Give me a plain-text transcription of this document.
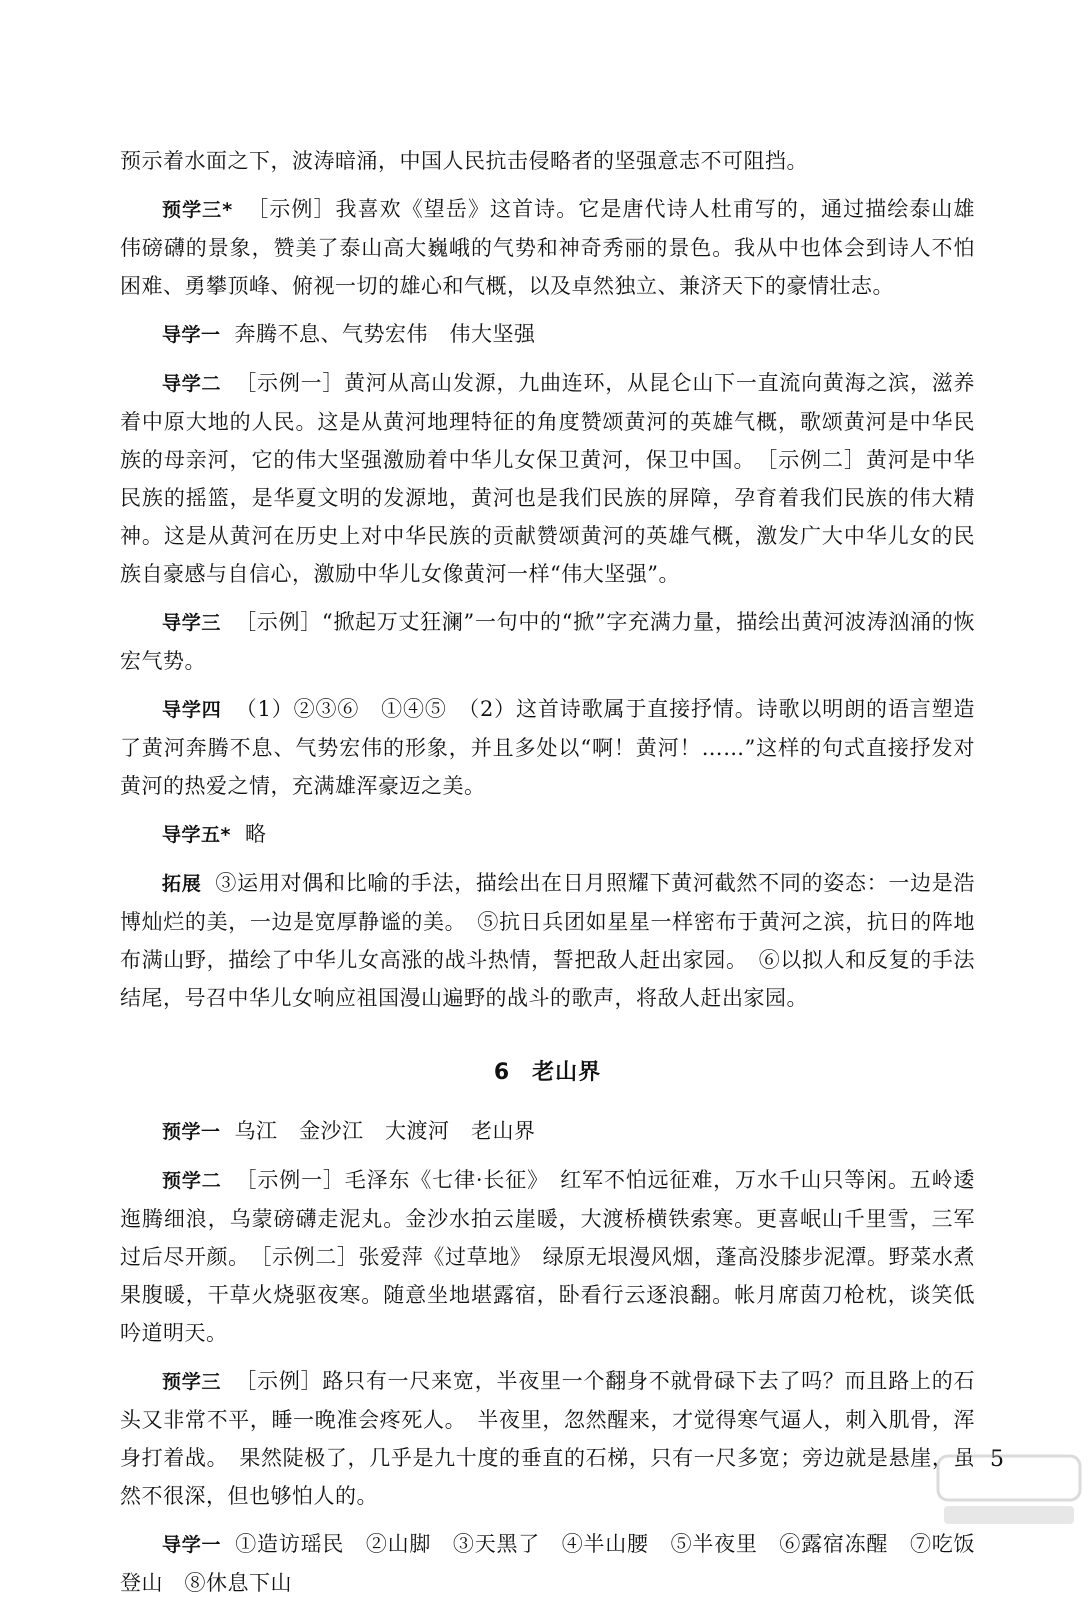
预示着水面之下，波涛暗涌，中国人民抗击侵略者的坚强意志不可阻挡。

预学三* ［示例］我喜欢《望岳》这首诗。它是唐代诗人杜甫写的，通过描绘泰山雄伟磅礴的景象，赞美了泰山高大巍峨的气势和神奇秀丽的景色。我从中也体会到诗人不怕困难、勇攀顶峰、俯视一切的雄心和气概，以及卓然独立、兼济天下的豪情壮志。

导学一 奔腾不息、气势宏伟　伟大坚强

导学二 ［示例一］黄河从高山发源，九曲连环，从昆仑山下一直流向黄海之滨，滋养着中原大地的人民。这是从黄河地理特征的角度赞颂黄河的英雄气概，歌颂黄河是中华民族的母亲河，它的伟大坚强激励着中华儿女保卫黄河，保卫中国。　［示例二］黄河是中华民族的摇篮，是华夏文明的发源地，黄河也是我们民族的屏障，孕育着我们民族的伟大精神。这是从黄河在历史上对中华民族的贡献赞颂黄河的英雄气概，激发广大中华儿女的民族自豪感与自信心，激励中华儿女像黄河一样“伟大坚强”。

导学三 ［示例］“掀起万丈狂澜”一句中的“掀”字充满力量，描绘出黄河波涛汹涌的恢宏气势。

导学四 （1）②③⑥　①④⑤　（2）这首诗歌属于直接抒情。诗歌以明朗的语言塑造了黄河奔腾不息、气势宏伟的形象，并且多处以“啊！黄河！……”这样的句式直接抒发对黄河的热爱之情，充满雄浑豪迈之美。

导学五* 略

拓展 ③运用对偶和比喻的手法，描绘出在日月照耀下黄河截然不同的姿态：一边是浩博灿烂的美，一边是宽厚静谧的美。　⑤抗日兵团如星星一样密布于黄河之滨，抗日的阵地布满山野，描绘了中华儿女高涨的战斗热情，誓把敌人赶出家园。　⑥以拟人和反复的手法结尾，号召中华儿女响应祖国漫山遍野的战斗的歌声，将敌人赶出家园。

6 老山界

预学一 乌江　金沙江　大渡河　老山界

预学二 ［示例一］毛泽东《七律·长征》　红军不怕远征难，万水千山只等闲。五岭逶迤腾细浪，乌蒙磅礴走泥丸。金沙水拍云崖暖，大渡桥横铁索寒。更喜岷山千里雪，三军过后尽开颜。　［示例二］张爱萍《过草地》　绿原无垠漫风烟，蓬高没膝步泥潭。野菜水煮果腹暖，干草火烧驱夜寒。随意坐地堪露宿，卧看行云逐浪翻。帐月席茵刀枪枕，谈笑低吟道明天。

预学三 ［示例］路只有一尺来宽，半夜里一个翻身不就骨碌下去了吗？而且路上的石头又非常不平，睡一晚准会疼死人。　半夜里，忽然醒来，才觉得寒气逼人，刺入肌骨，浑身打着战。　果然陡极了，几乎是九十度的垂直的石梯，只有一尺多宽；旁边就是悬崖，虽然不很深，但也够怕人的。

导学一 ①造访瑶民　②山脚　③天黑了　④半山腰　⑤半夜里　⑥露宿冻醒　⑦吃饭登山　⑧休息下山

5
